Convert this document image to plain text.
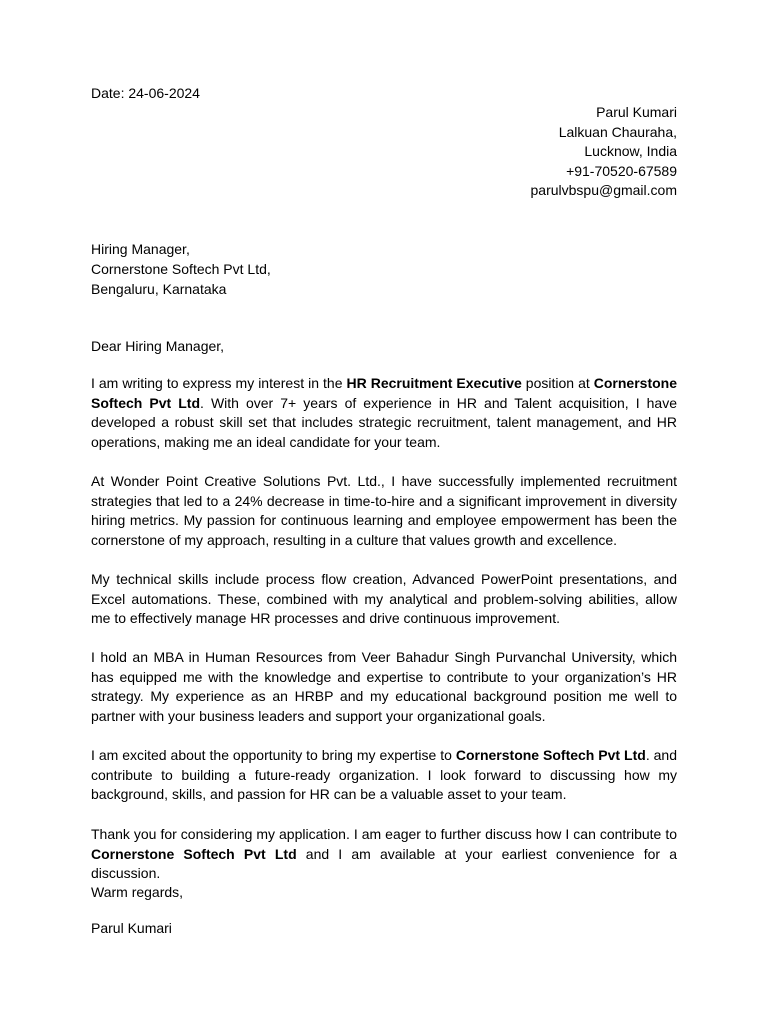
Date: 24-06-2024
Parul Kumari
Lalkuan Chauraha,
Lucknow, India
+91-70520-67589
parulvbspu@gmail.com
Hiring Manager,
Cornerstone Softech Pvt Ltd,
Bengaluru, Karnataka
Dear Hiring Manager,

I am writing to express my interest in the HR Recruitment Executive position at Cornerstone Softech Pvt Ltd. With over 7+ years of experience in HR and Talent acquisition, I have developed a robust skill set that includes strategic recruitment, talent management, and HR operations, making me an ideal candidate for your team.

At Wonder Point Creative Solutions Pvt. Ltd., I have successfully implemented recruitment strategies that led to a 24% decrease in time-to-hire and a significant improvement in diversity hiring metrics. My passion for continuous learning and employee empowerment has been the cornerstone of my approach, resulting in a culture that values growth and excellence.

My technical skills include process flow creation, Advanced PowerPoint presentations, and Excel automations. These, combined with my analytical and problem-solving abilities, allow me to effectively manage HR processes and drive continuous improvement.

I hold an MBA in Human Resources from Veer Bahadur Singh Purvanchal University, which has equipped me with the knowledge and expertise to contribute to your organization’s HR strategy. My experience as an HRBP and my educational background position me well to partner with your business leaders and support your organizational goals.

I am excited about the opportunity to bring my expertise to Cornerstone Softech Pvt Ltd. and contribute to building a future-ready organization. I look forward to discussing how my background, skills, and passion for HR can be a valuable asset to your team.

Thank you for considering my application. I am eager to further discuss how I can contribute to Cornerstone Softech Pvt Ltd and I am available at your earliest convenience for a discussion.

Warm regards,
Parul Kumari
